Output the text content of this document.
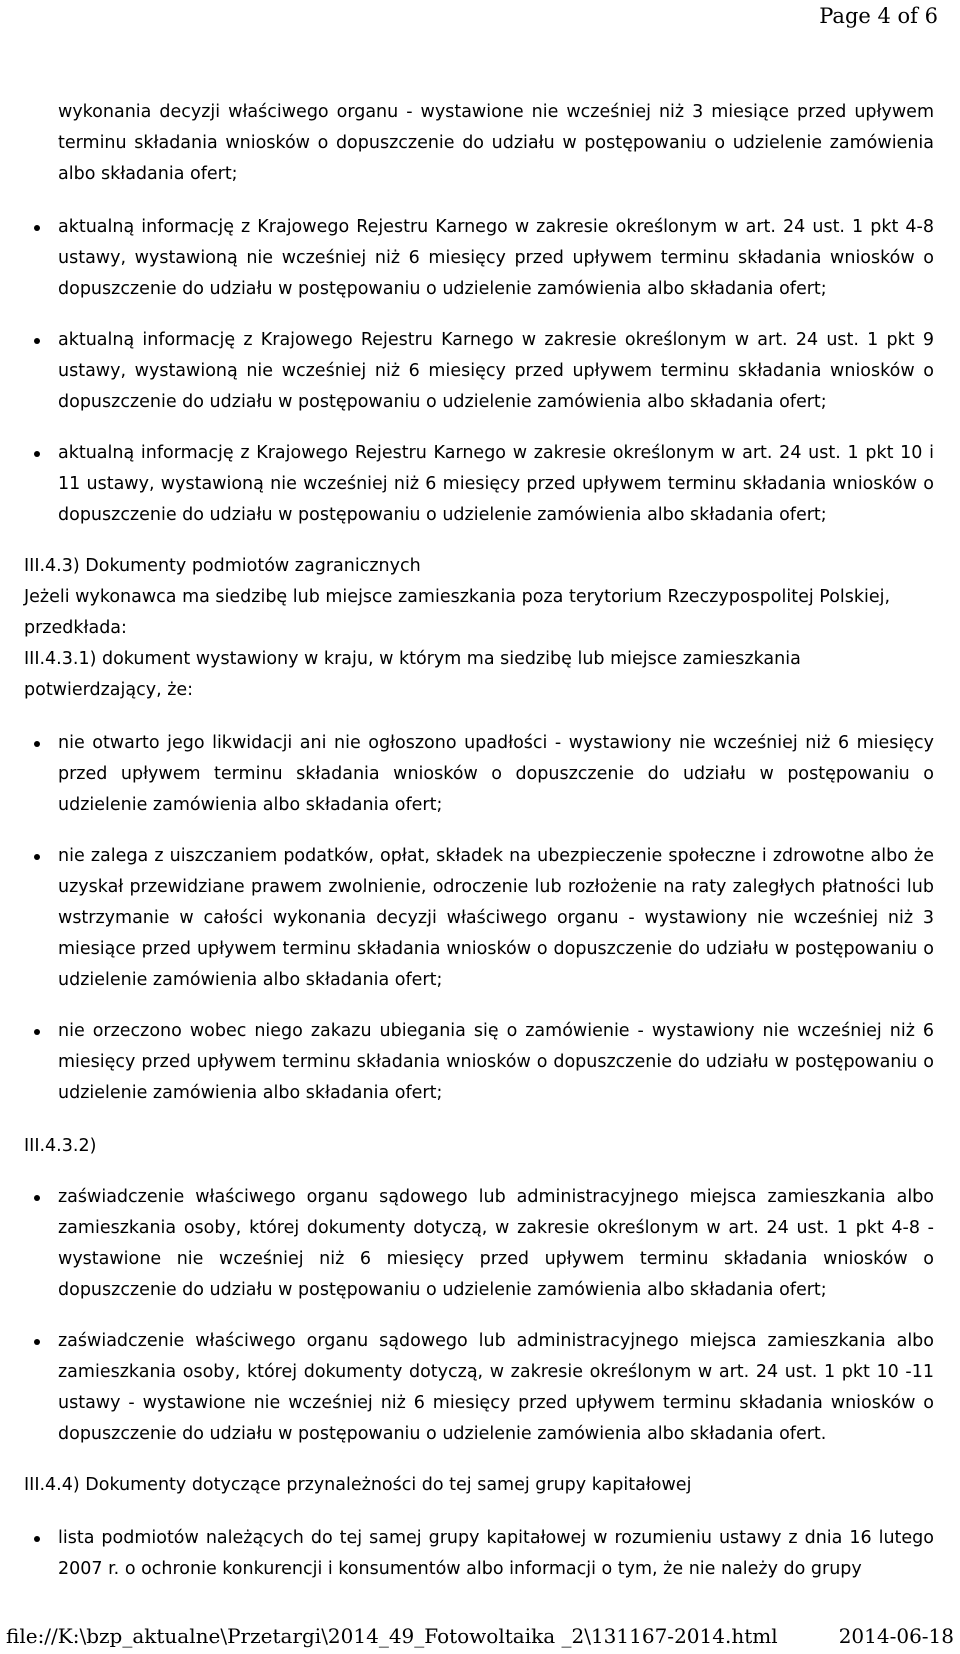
Page 4 of 6

wykonania decyzji właściwego organu - wystawione nie wcześniej niż 3 miesiące przed upływem terminu składania wniosków o dopuszczenie do udziału w postępowaniu o udzielenie zamówienia albo składania ofert;

aktualną informację z Krajowego Rejestru Karnego w zakresie określonym w art. 24 ust. 1 pkt 4-8 ustawy, wystawioną nie wcześniej niż 6 miesięcy przed upływem terminu składania wniosków o dopuszczenie do udziału w postępowaniu o udzielenie zamówienia albo składania ofert;
aktualną informację z Krajowego Rejestru Karnego w zakresie określonym w art. 24 ust. 1 pkt 9 ustawy, wystawioną nie wcześniej niż 6 miesięcy przed upływem terminu składania wniosków o dopuszczenie do udziału w postępowaniu o udzielenie zamówienia albo składania ofert;
aktualną informację z Krajowego Rejestru Karnego w zakresie określonym w art. 24 ust. 1 pkt 10 i 11 ustawy, wystawioną nie wcześniej niż 6 miesięcy przed upływem terminu składania wniosków o dopuszczenie do udziału w postępowaniu o udzielenie zamówienia albo składania ofert;

III.4.3) Dokumenty podmiotów zagranicznych

Jeżeli wykonawca ma siedzibę lub miejsce zamieszkania poza terytorium Rzeczypospolitej Polskiej, przedkłada:

III.4.3.1) dokument wystawiony w kraju, w którym ma siedzibę lub miejsce zamieszkania potwierdzający, że:

nie otwarto jego likwidacji ani nie ogłoszono upadłości - wystawiony nie wcześniej niż 6 miesięcy przed upływem terminu składania wniosków o dopuszczenie do udziału w postępowaniu o udzielenie zamówienia albo składania ofert;
nie zalega z uiszczaniem podatków, opłat, składek na ubezpieczenie społeczne i zdrowotne albo że uzyskał przewidziane prawem zwolnienie, odroczenie lub rozłożenie na raty zaległych płatności lub wstrzymanie w całości wykonania decyzji właściwego organu - wystawiony nie wcześniej niż 3 miesiące przed upływem terminu składania wniosków o dopuszczenie do udziału w postępowaniu o udzielenie zamówienia albo składania ofert;
nie orzeczono wobec niego zakazu ubiegania się o zamówienie - wystawiony nie wcześniej niż 6 miesięcy przed upływem terminu składania wniosków o dopuszczenie do udziału w postępowaniu o udzielenie zamówienia albo składania ofert;

III.4.3.2)

zaświadczenie właściwego organu sądowego lub administracyjnego miejsca zamieszkania albo zamieszkania osoby, której dokumenty dotyczą, w zakresie określonym w art. 24 ust. 1 pkt 4-8 - wystawione nie wcześniej niż 6 miesięcy przed upływem terminu składania wniosków o dopuszczenie do udziału w postępowaniu o udzielenie zamówienia albo składania ofert;
zaświadczenie właściwego organu sądowego lub administracyjnego miejsca zamieszkania albo zamieszkania osoby, której dokumenty dotyczą, w zakresie określonym w art. 24 ust. 1 pkt 10 -11 ustawy - wystawione nie wcześniej niż 6 miesięcy przed upływem terminu składania wniosków o dopuszczenie do udziału w postępowaniu o udzielenie zamówienia albo składania ofert.

III.4.4) Dokumenty dotyczące przynależności do tej samej grupy kapitałowej

lista podmiotów należących do tej samej grupy kapitałowej w rozumieniu ustawy z dnia 16 lutego 2007 r. o ochronie konkurencji i konsumentów albo informacji o tym, że nie należy do grupy
file://K:\bzp_aktualne\Przetargi\2014_49_Fotowoltaika _2\131167-2014.html	2014-06-18
